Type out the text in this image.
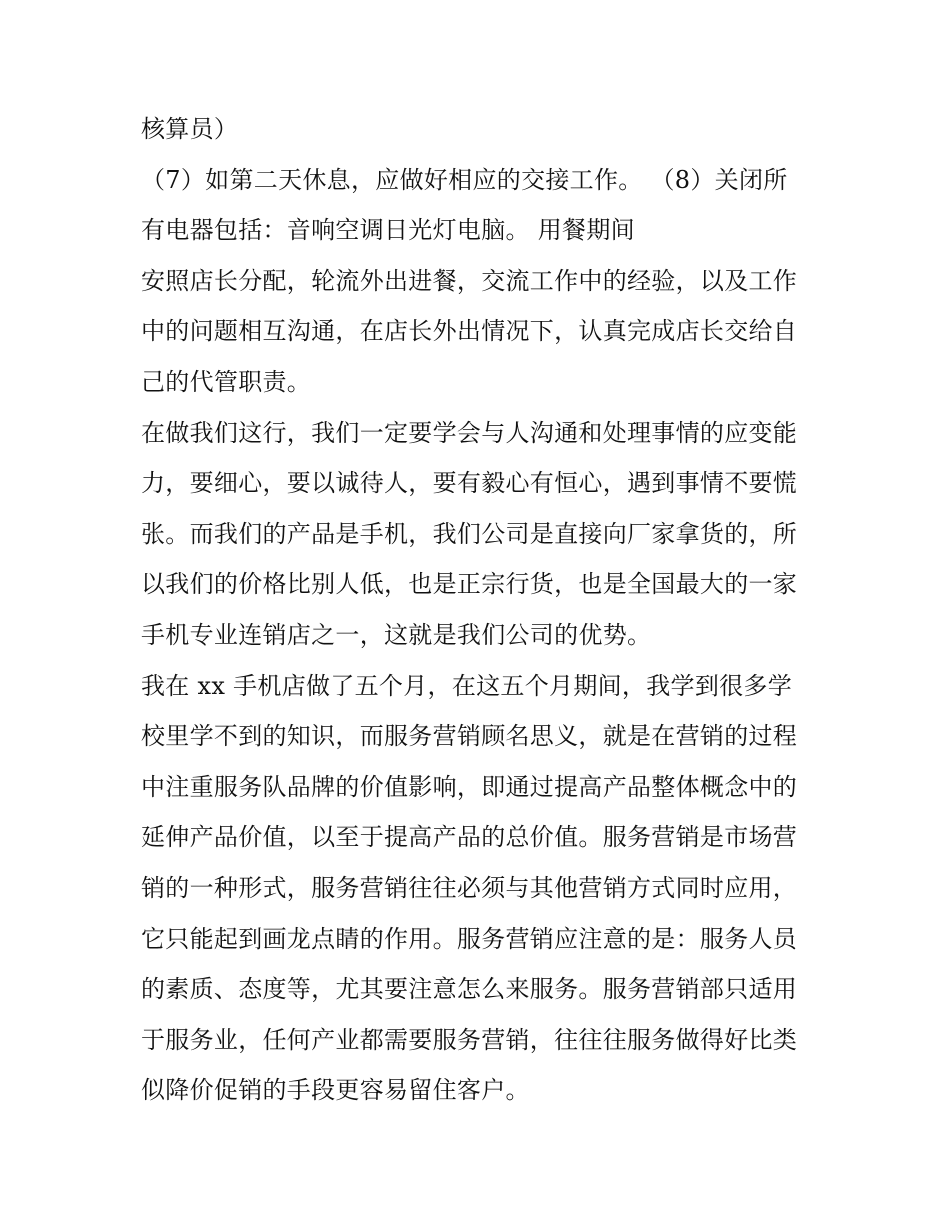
核算员）
（7）如第二天休息，应做好相应的交接工作。 （8）关闭所
有电器包括：音响空调日光灯电脑。 用餐期间
安照店长分配，轮流外出进餐，交流工作中的经验，以及工作
中的问题相互沟通，在店长外出情况下，认真完成店长交给自
己的代管职责。
在做我们这行，我们一定要学会与人沟通和处理事情的应变能
力，要细心，要以诚待人，要有毅心有恒心，遇到事情不要慌
张。而我们的产品是手机，我们公司是直接向厂家拿货的，所
以我们的价格比别人低，也是正宗行货，也是全国最大的一家
手机专业连销店之一，这就是我们公司的优势。
我在 xx 手机店做了五个月，在这五个月期间，我学到很多学
校里学不到的知识，而服务营销顾名思义，就是在营销的过程
中注重服务队品牌的价值影响，即通过提高产品整体概念中的
延伸产品价值，以至于提高产品的总价值。服务营销是市场营
销的一种形式，服务营销往往必须与其他营销方式同时应用，
它只能起到画龙点睛的作用。服务营销应注意的是：服务人员
的素质、态度等，尤其要注意怎么来服务。服务营销部只适用
于服务业，任何产业都需要服务营销，往往往服务做得好比类
似降价促销的手段更容易留住客户。
